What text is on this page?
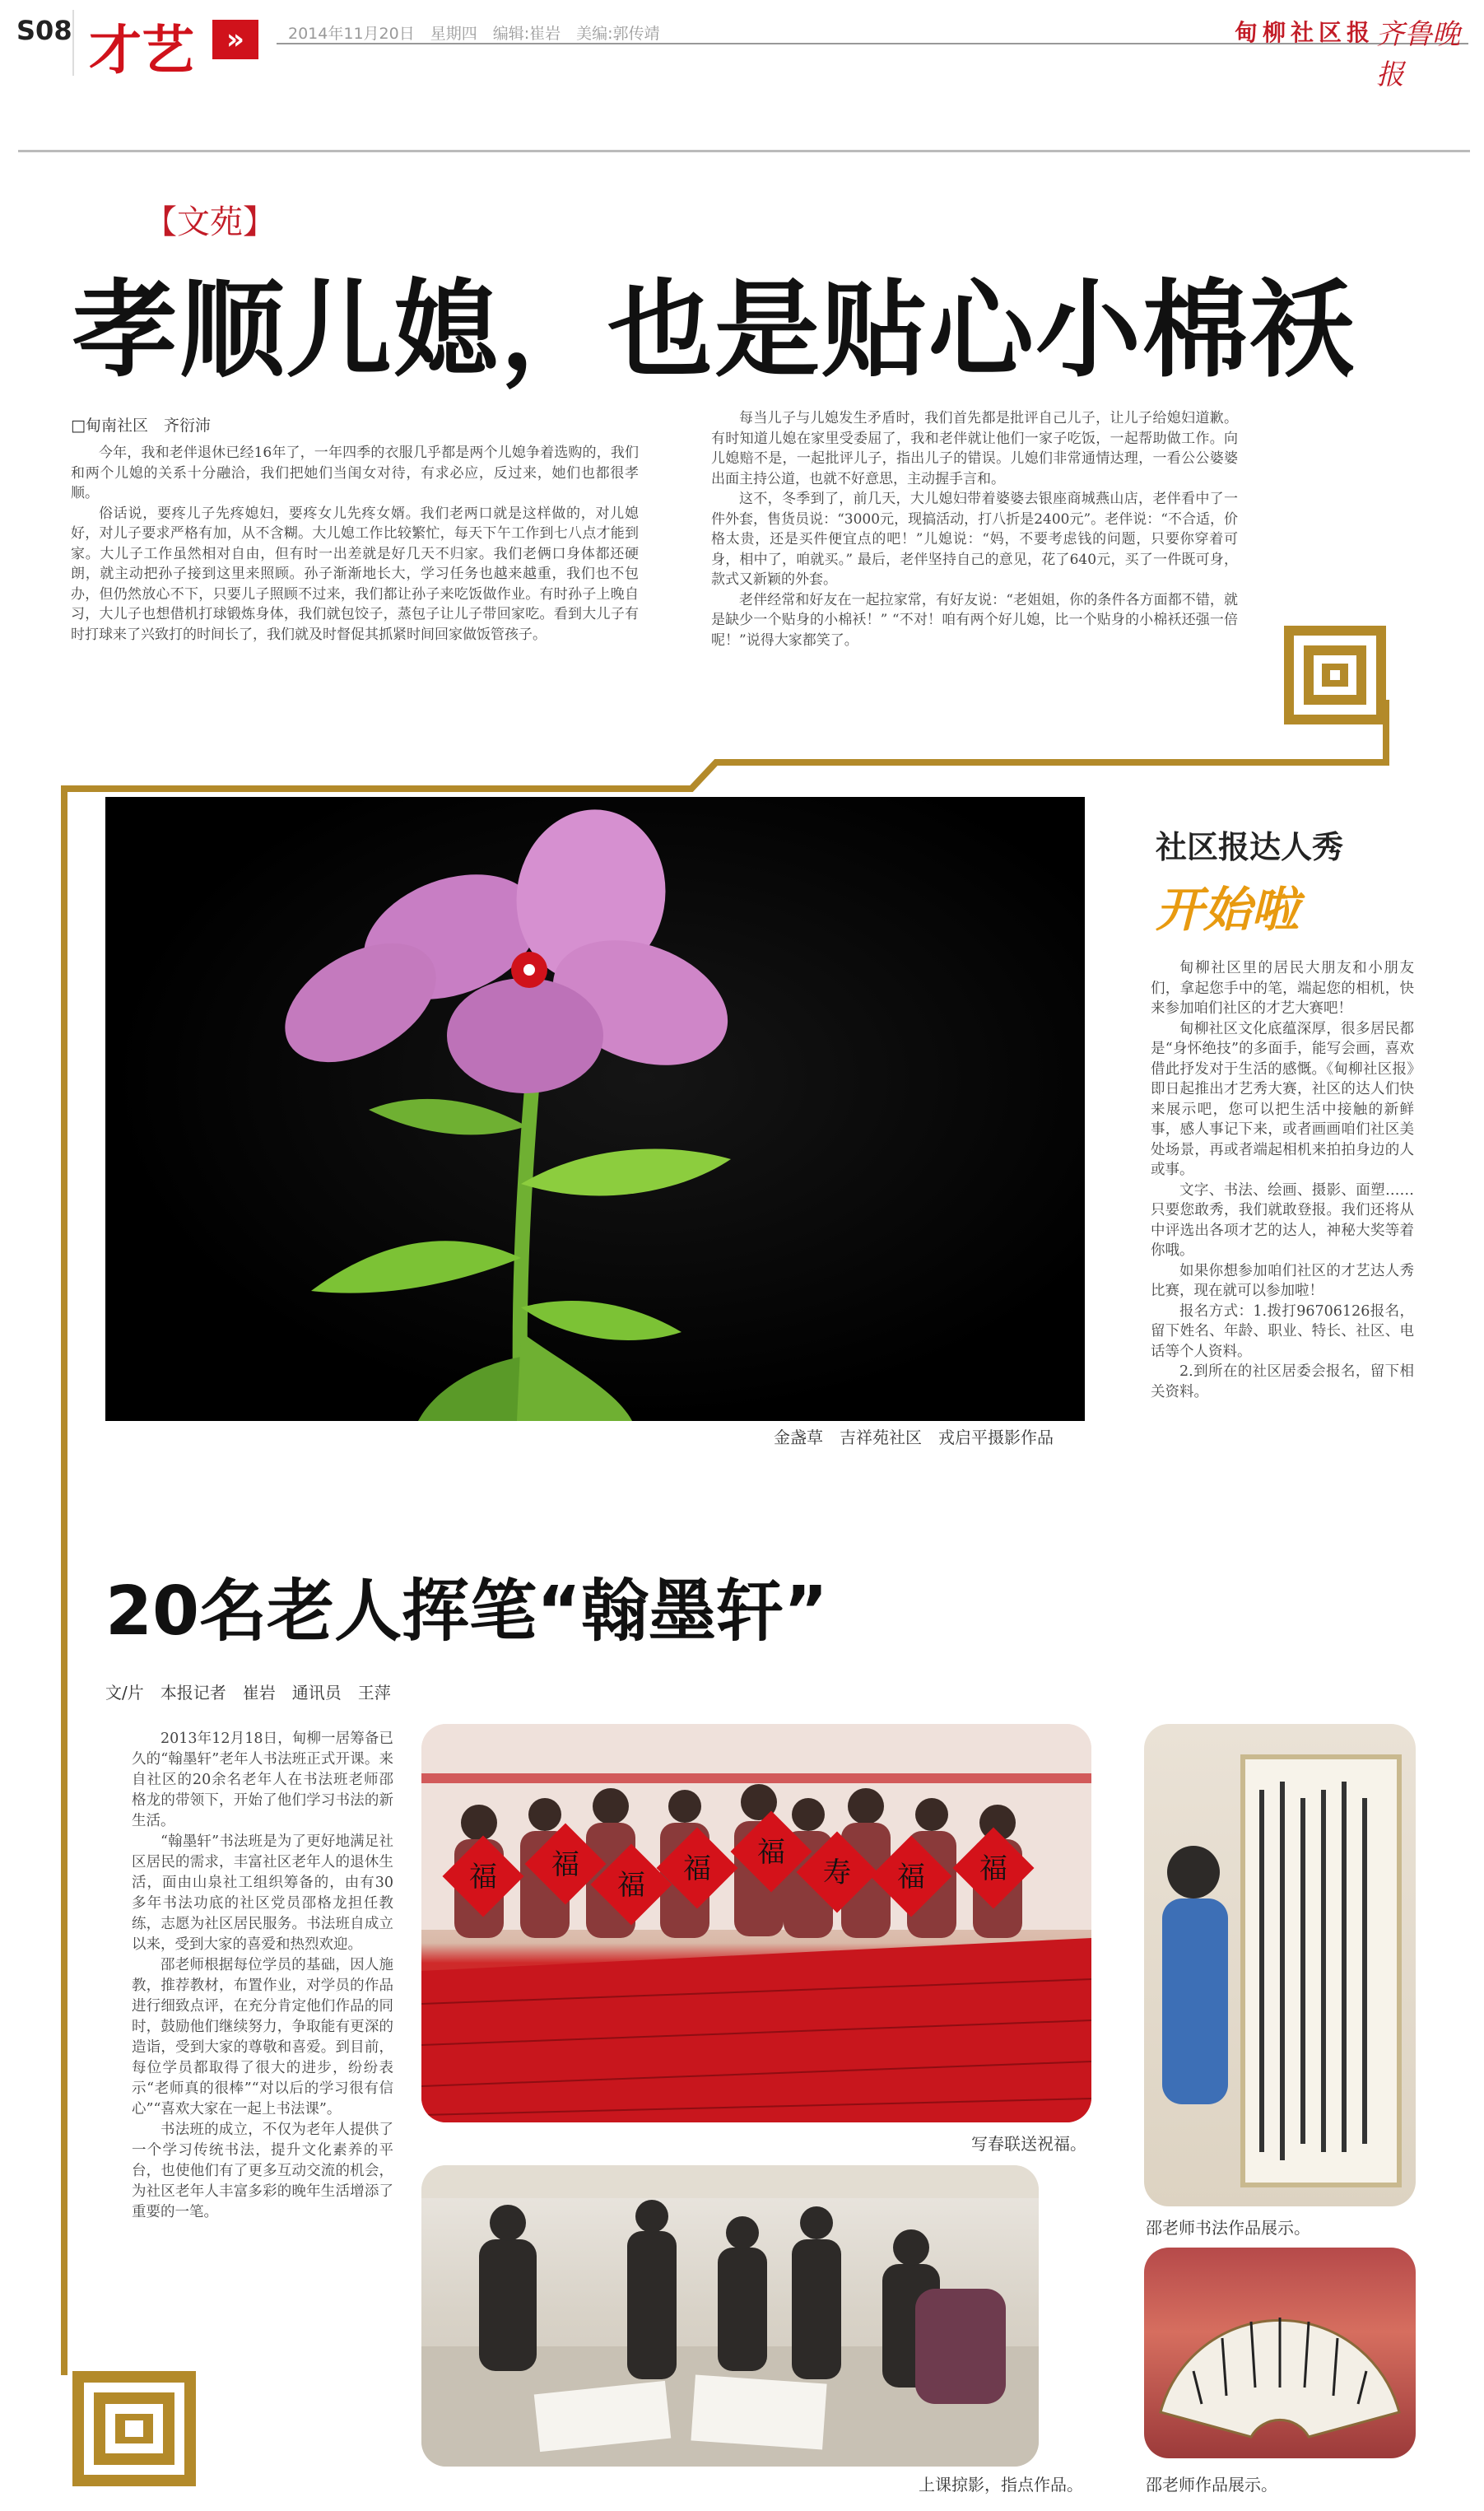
S08 才艺	»	2014年11月20日　星期四　编辑:崔岩　美编:郭传靖	甸柳社区报 齐鲁晚报
【文苑】
孝顺儿媳，也是贴心小棉袄
□甸南社区　齐衍沛

今年，我和老伴退休已经16年了，一年四季的衣服几乎都是两个儿媳争着选购的，我们和两个儿媳的关系十分融洽，我们把她们当闺女对待，有求必应，反过来，她们也都很孝顺。

俗话说，要疼儿子先疼媳妇，要疼女儿先疼女婿。我们老两口就是这样做的，对儿媳好，对儿子要求严格有加，从不含糊。大儿媳工作比较繁忙，每天下午工作到七八点才能到家。大儿子工作虽然相对自由，但有时一出差就是好几天不归家。我们老俩口身体都还硬朗，就主动把孙子接到这里来照顾。孙子渐渐地长大，学习任务也越来越重，我们也不包办，但仍然放心不下，只要儿子照顾不过来，我们都让孙子来吃饭做作业。有时孙子上晚自习，大儿子也想借机打球锻炼身体，我们就包饺子，蒸包子让儿子带回家吃。看到大儿子有时打球来了兴致打的时间长了，我们就及时督促其抓紧时间回家做饭管孩子。

每当儿子与儿媳发生矛盾时，我们首先都是批评自己儿子，让儿子给媳妇道歉。有时知道儿媳在家里受委屈了，我和老伴就让他们一家子吃饭，一起帮助做工作。向儿媳赔不是，一起批评儿子，指出儿子的错误。儿媳们非常通情达理，一看公公婆婆出面主持公道，也就不好意思，主动握手言和。

这不，冬季到了，前几天，大儿媳妇带着婆婆去银座商城燕山店，老伴看中了一件外套，售货员说：“3000元，现搞活动，打八折是2400元”。老伴说：“不合适，价格太贵，还是买件便宜点的吧！”儿媳说：“妈，不要考虑钱的问题，只要你穿着可身，相中了，咱就买。” 最后，老伴坚持自己的意见，花了640元，买了一件既可身，款式又新颖的外套。

老伴经常和好友在一起拉家常，有好友说：“老姐姐，你的条件各方面都不错，就是缺少一个贴身的小棉袄！” “不对！咱有两个好儿媳，比一个贴身的小棉袄还强一倍呢！”说得大家都笑了。

金盏草　吉祥苑社区　戎启平摄影作品
社区报达人秀
开始啦

甸柳社区里的居民大朋友和小朋友们，拿起您手中的笔，端起您的相机，快来参加咱们社区的才艺大赛吧！

甸柳社区文化底蕴深厚，很多居民都是“身怀绝技”的多面手，能写会画，喜欢借此抒发对于生活的感慨。《甸柳社区报》即日起推出才艺秀大赛，社区的达人们快来展示吧，您可以把生活中接触的新鲜事，感人事记下来，或者画画咱们社区美处场景，再或者端起相机来拍拍身边的人或事。

文字、书法、绘画、摄影、面塑……只要您敢秀，我们就敢登报。我们还将从中评选出各项才艺的达人，神秘大奖等着你哦。

如果你想参加咱们社区的才艺达人秀比赛，现在就可以参加啦！

报名方式：1.拨打96706126报名，留下姓名、年龄、职业、特长、社区、电话等个人资料。

2.到所在的社区居委会报名，留下相关资料。

20名老人挥笔“翰墨轩”
文/片　本报记者　崔岩　通讯员　王萍

2013年12月18日，甸柳一居筹备已久的“翰墨轩”老年人书法班正式开课。来自社区的20余名老年人在书法班老师邵格龙的带领下，开始了他们学习书法的新生活。

“翰墨轩”书法班是为了更好地满足社区居民的需求，丰富社区老年人的退休生活，面由山泉社工组织筹备的，由有30多年书法功底的社区党员邵格龙担任教练，志愿为社区居民服务。书法班自成立以来，受到大家的喜爱和热烈欢迎。

邵老师根据每位学员的基础，因人施教，推荐教材，布置作业，对学员的作品进行细致点评，在充分肯定他们作品的同时，鼓励他们继续努力，争取能有更深的造诣，受到大家的尊敬和喜爱。到目前，每位学员都取得了很大的进步，纷纷表示“老师真的很棒”“对以后的学习很有信心”“喜欢大家在一起上书法课”。

书法班的成立，不仅为老年人提供了一个学习传统书法，提升文化素养的平台，也使他们有了更多互动交流的机会，为社区老年人丰富多彩的晚年生活增添了重要的一笔。

福 福
福 福 福
寿 福 福
写春联送祝福。
上课掠影，指点作品。
邵老师书法作品展示。
邵老师作品展示。
